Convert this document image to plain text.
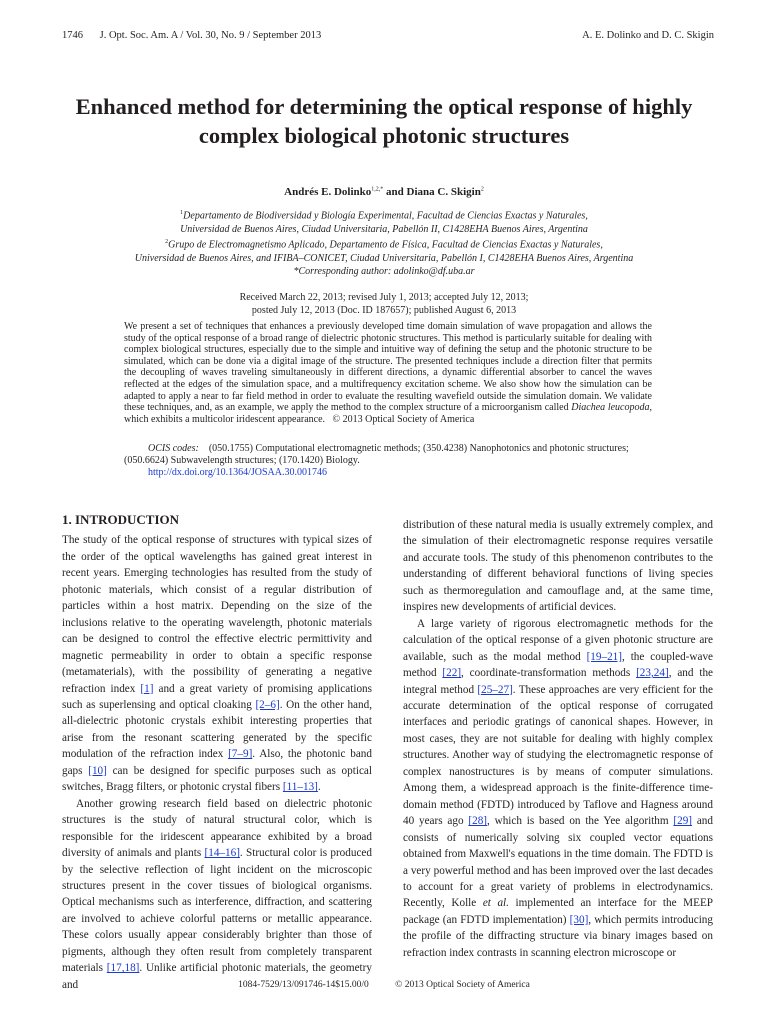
1746 J. Opt. Soc. Am. A / Vol. 30, No. 9 / September 2013	A. E. Dolinko and D. C. Skigin
Enhanced method for determining the optical response of highly complex biological photonic structures
Andrés E. Dolinko$^{1,2,*}$ and Diana C. Skigin$^2$
$^1$Departamento de Biodiversidad y Biología Experimental, Facultad de Ciencias Exactas y Naturales,
Universidad de Buenos Aires, Ciudad Universitaria, Pabellón II, C1428EHA Buenos Aires, Argentina
$^2$Grupo de Electromagnetismo Aplicado, Departamento de Física, Facultad de Ciencias Exactas y Naturales,
Universidad de Buenos Aires, and IFIBA–CONICET, Ciudad Universitaria, Pabellón I, C1428EHA Buenos Aires, Argentina
*Corresponding author: adolinko@df.uba.ar
Received March 22, 2013; revised July 1, 2013; accepted July 12, 2013;
posted July 12, 2013 (Doc. ID 187657); published August 6, 2013
We present a set of techniques that enhances a previously developed time domain simulation of wave propagation and allows the study of the optical response of a broad range of dielectric photonic structures. This method is particularly suitable for dealing with complex biological structures, especially due to the simple and intuitive way of defining the setup and the photonic structure to be simulated, which can be done via a digital image of the structure. The presented techniques include a direction filter that permits the decoupling of waves traveling simultaneously in different directions, a dynamic differential absorber to cancel the waves reflected at the edges of the simulation space, and a multifrequency excitation scheme. We also show how the simulation can be adapted to apply a near to far field method in order to evaluate the resulting wavefield outside the simulation domain. We validate these techniques, and, as an example, we apply the method to the complex structure of a microorganism called Diachea leucopoda, which exhibits a multicolor iridescent appearance. © 2013 Optical Society of America
OCIS codes: (050.1755) Computational electromagnetic methods; (350.4238) Nanophotonics and photonic structures; (050.6624) Subwavelength structures; (170.1420) Biology.
http://dx.doi.org/10.1364/JOSAA.30.001746
1. INTRODUCTION

The study of the optical response of structures with typical sizes of the order of the optical wavelengths has gained great interest in recent years. Emerging technologies has resulted from the study of photonic materials, which consist of a regular distribution of particles within a host matrix. Depending on the size of the inclusions relative to the operating wavelength, photonic materials can be designed to control the effective electric permittivity and magnetic permeability in order to obtain a specific response (metamaterials), with the possibility of generating a negative refraction index [1] and a great variety of promising applications such as superlensing and optical cloaking [2–6]. On the other hand, all-dielectric photonic crystals exhibit interesting properties that arise from the resonant scattering generated by the specific modulation of the refraction index [7–9]. Also, the photonic band gaps [10] can be designed for specific purposes such as optical switches, Bragg filters, or photonic crystal fibers [11–13].

Another growing research field based on dielectric photonic structures is the study of natural structural color, which is responsible for the iridescent appearance exhibited by a broad diversity of animals and plants [14–16]. Structural color is produced by the selective reflection of light incident on the microscopic structures present in the cover tissues of biological organisms. Optical mechanisms such as interference, diffraction, and scattering are involved to achieve colorful patterns or metallic appearance. These colors usually appear considerably brighter than those of pigments, although they often result from completely transparent materials [17,18]. Unlike artificial photonic materials, the geometry and

distribution of these natural media is usually extremely complex, and the simulation of their electromagnetic response requires versatile and accurate tools. The study of this phenomenon contributes to the understanding of different behavioral functions of living species such as thermoregulation and camouflage and, at the same time, inspires new developments of artificial devices.

A large variety of rigorous electromagnetic methods for the calculation of the optical response of a given photonic structure are available, such as the modal method [19–21], the coupled-wave method [22], coordinate-transformation methods [23,24], and the integral method [25–27]. These approaches are very efficient for the accurate determination of the optical response of corrugated interfaces and periodic gratings of canonical shapes. However, in most cases, they are not suitable for dealing with highly complex structures. Another way of studying the electromagnetic response of complex nanostructures is by means of computer simulations. Among them, a widespread approach is the finite-difference time-domain method (FDTD) introduced by Taflove and Hagness around 40 years ago [28], which is based on the Yee algorithm [29] and consists of numerically solving six coupled vector equations obtained from Maxwell's equations in the time domain. The FDTD is a very powerful method and has been improved over the last decades to account for a great variety of problems in electrodynamics. Recently, Kolle et al. implemented an interface for the MEEP package (an FDTD implementation) [30], which permits introducing the profile of the diffracting structure via binary images based on refraction index contrasts in scanning electron microscope or

1084-7529/13/091746-14$15.00/0	© 2013 Optical Society of America
